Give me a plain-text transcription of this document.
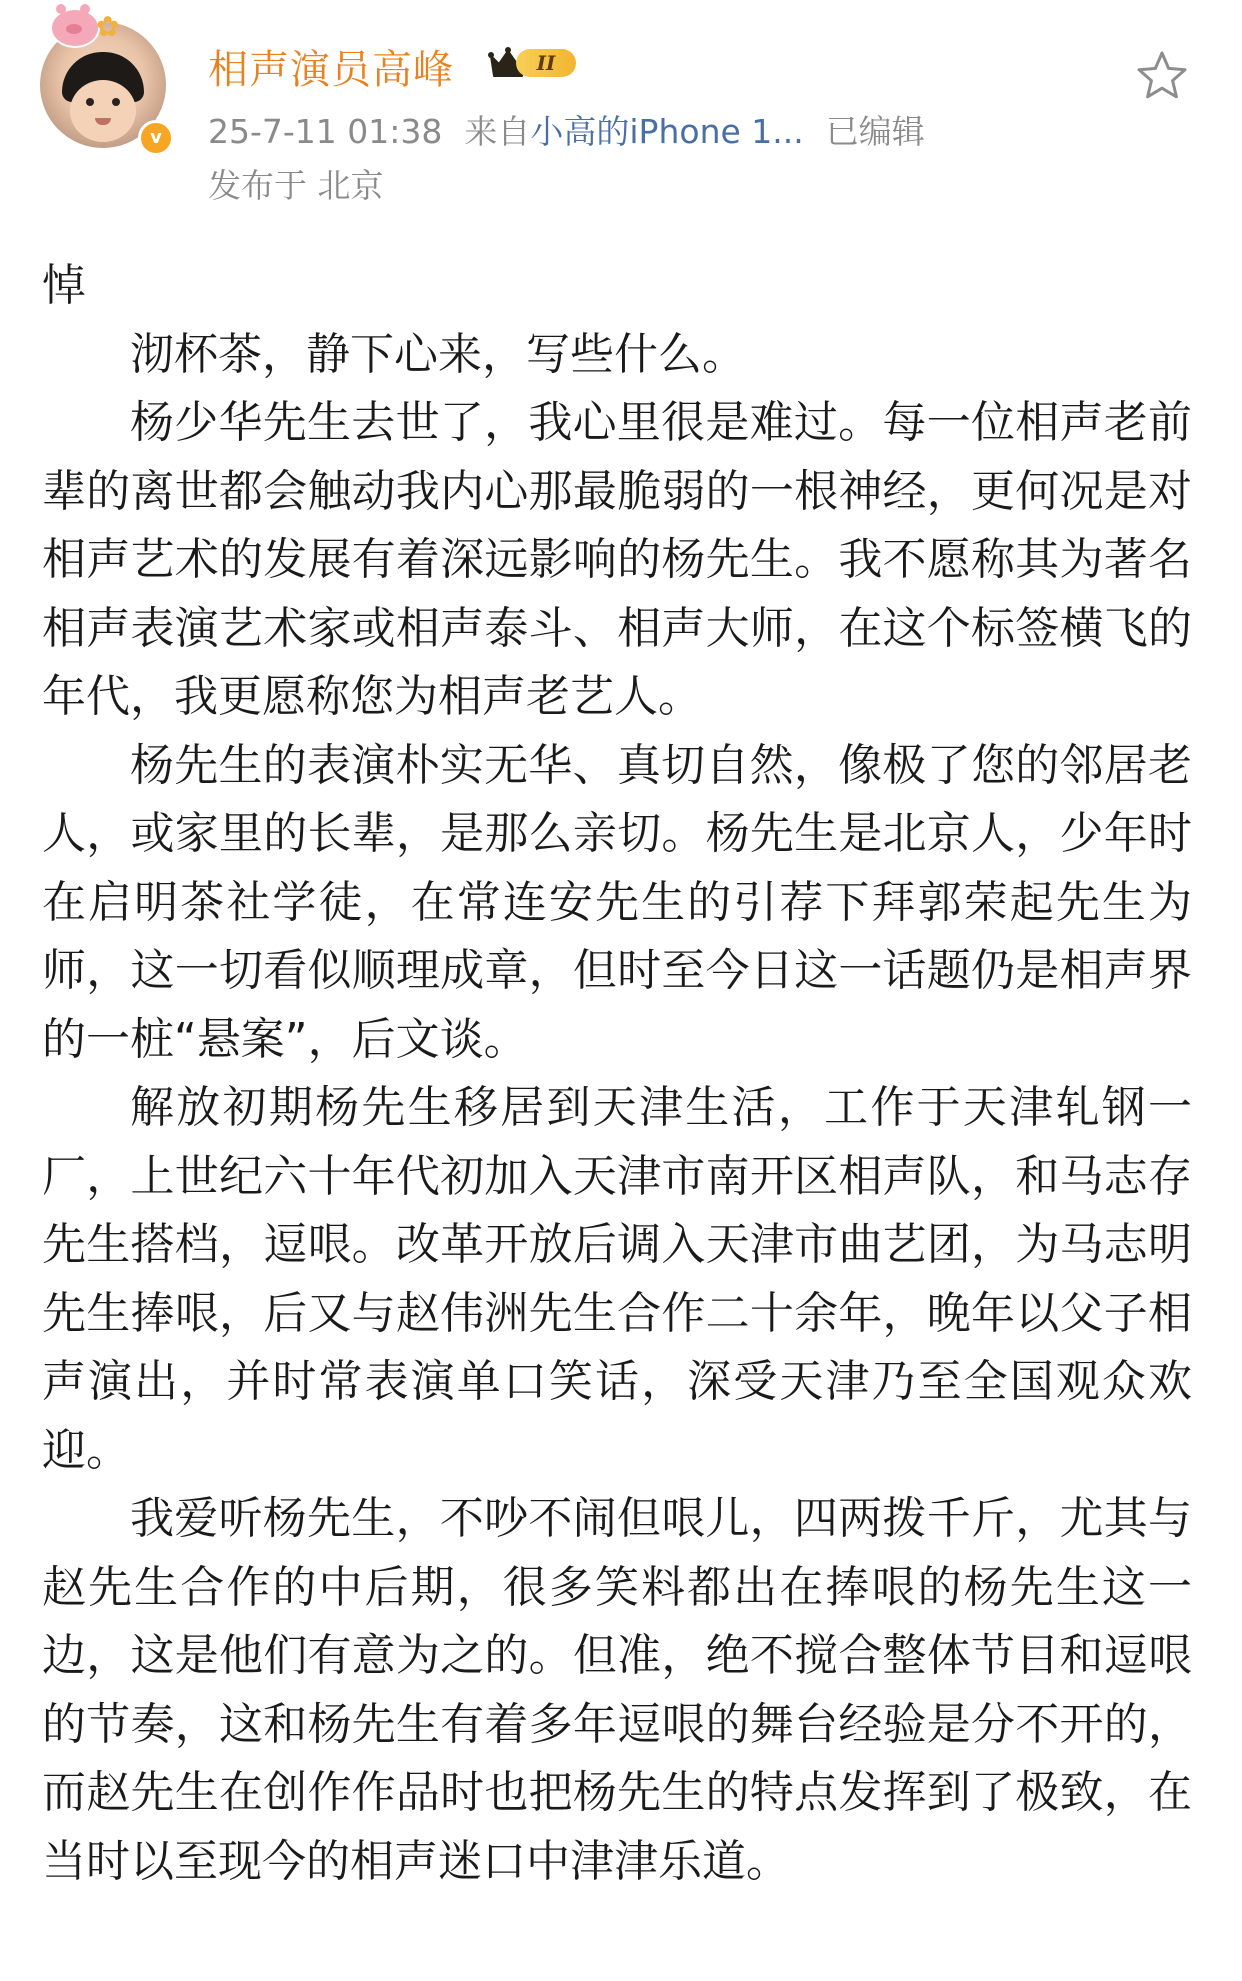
✿
v
相声演员高峰	II
25-7-11 01:38 来自小高的iPhone 1... 已编辑
发布于 北京

悼

沏杯茶，静下心来，写些什么。

杨少华先生去世了，我心里很是难过。每一位相声老前辈的离世都会触动我内心那最脆弱的一根神经，更何况是对相声艺术的发展有着深远影响的杨先生。我不愿称其为著名相声表演艺术家或相声泰斗、相声大师，在这个标签横飞的年代，我更愿称您为相声老艺人。

杨先生的表演朴实无华、真切自然，像极了您的邻居老人，或家里的长辈，是那么亲切。杨先生是北京人，少年时在启明茶社学徒，在常连安先生的引荐下拜郭荣起先生为师，这一切看似顺理成章，但时至今日这一话题仍是相声界的一桩“悬案”，后文谈。

解放初期杨先生移居到天津生活，工作于天津轧钢一厂，上世纪六十年代初加入天津市南开区相声队，和马志存先生搭档，逗哏。改革开放后调入天津市曲艺团，为马志明先生捧哏，后又与赵伟洲先生合作二十余年，晚年以父子相声演出，并时常表演单口笑话，深受天津乃至全国观众欢迎。

我爱听杨先生，不吵不闹但哏儿，四两拨千斤，尤其与赵先生合作的中后期，很多笑料都出在捧哏的杨先生这一边，这是他们有意为之的。但准，绝不搅合整体节目和逗哏的节奏，这和杨先生有着多年逗哏的舞台经验是分不开的，而赵先生在创作作品时也把杨先生的特点发挥到了极致，在当时以至现今的相声迷口中津津乐道。
